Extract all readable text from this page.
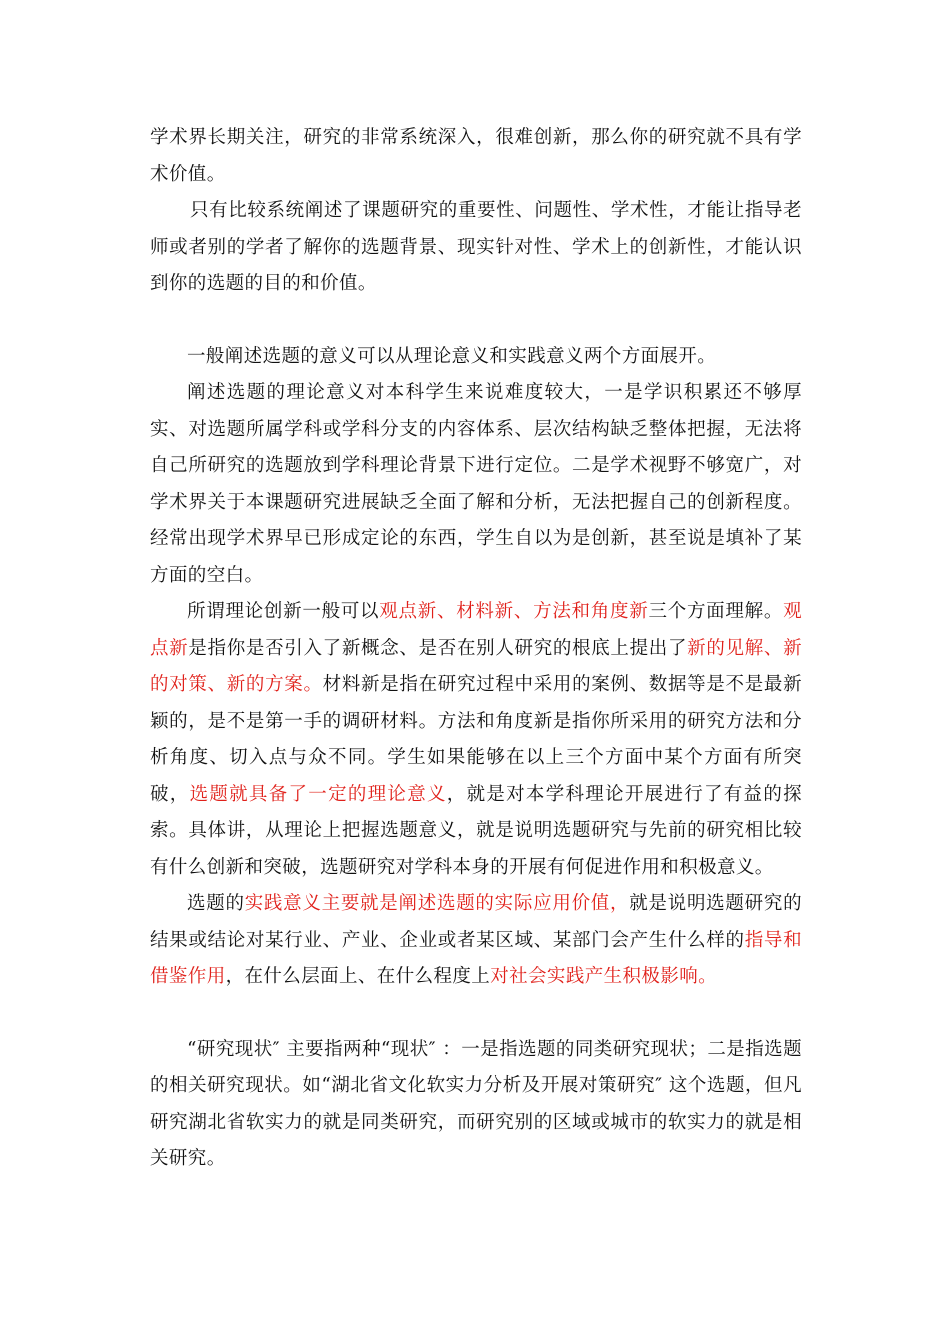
学术界长期关注，研究的非常系统深入，很难创新，那么你的研究就不具有学术价值。

只有比较系统阐述了课题研究的重要性、问题性、学术性，才能让指导老师或者别的学者了解你的选题背景、现实针对性、学术上的创新性，才能认识到你的选题的目的和价值。

一般阐述选题的意义可以从理论意义和实践意义两个方面展开。

阐述选题的理论意义对本科学生来说难度较大，一是学识积累还不够厚实、对选题所属学科或学科分支的内容体系、层次结构缺乏整体把握，无法将自己所研究的选题放到学科理论背景下进行定位。二是学术视野不够宽广，对学术界关于本课题研究进展缺乏全面了解和分析，无法把握自己的创新程度。经常出现学术界早已形成定论的东西，学生自以为是创新，甚至说是填补了某方面的空白。

所谓理论创新一般可以观点新、材料新、方法和角度新三个方面理解。观点新是指你是否引入了新概念、是否在别人研究的根底上提出了新的见解、新的对策、新的方案。材料新是指在研究过程中采用的案例、数据等是不是最新颖的，是不是第一手的调研材料。方法和角度新是指你所采用的研究方法和分析角度、切入点与众不同。学生如果能够在以上三个方面中某个方面有所突破，选题就具备了一定的理论意义，就是对本学科理论开展进行了有益的探索。具体讲，从理论上把握选题意义，就是说明选题研究与先前的研究相比较有什么创新和突破，选题研究对学科本身的开展有何促进作用和积极意义。

选题的实践意义主要就是阐述选题的实际应用价值，就是说明选题研究的结果或结论对某行业、产业、企业或者某区域、某部门会产生什么样的指导和借鉴作用，在什么层面上、在什么程度上对社会实践产生积极影响。

“研究现状″ 主要指两种“现状″ ：一是指选题的同类研究现状；二是指选题的相关研究现状。如“湖北省文化软实力分析及开展对策研究″ 这个选题，但凡研究湖北省软实力的就是同类研究，而研究别的区域或城市的软实力的就是相关研究。
